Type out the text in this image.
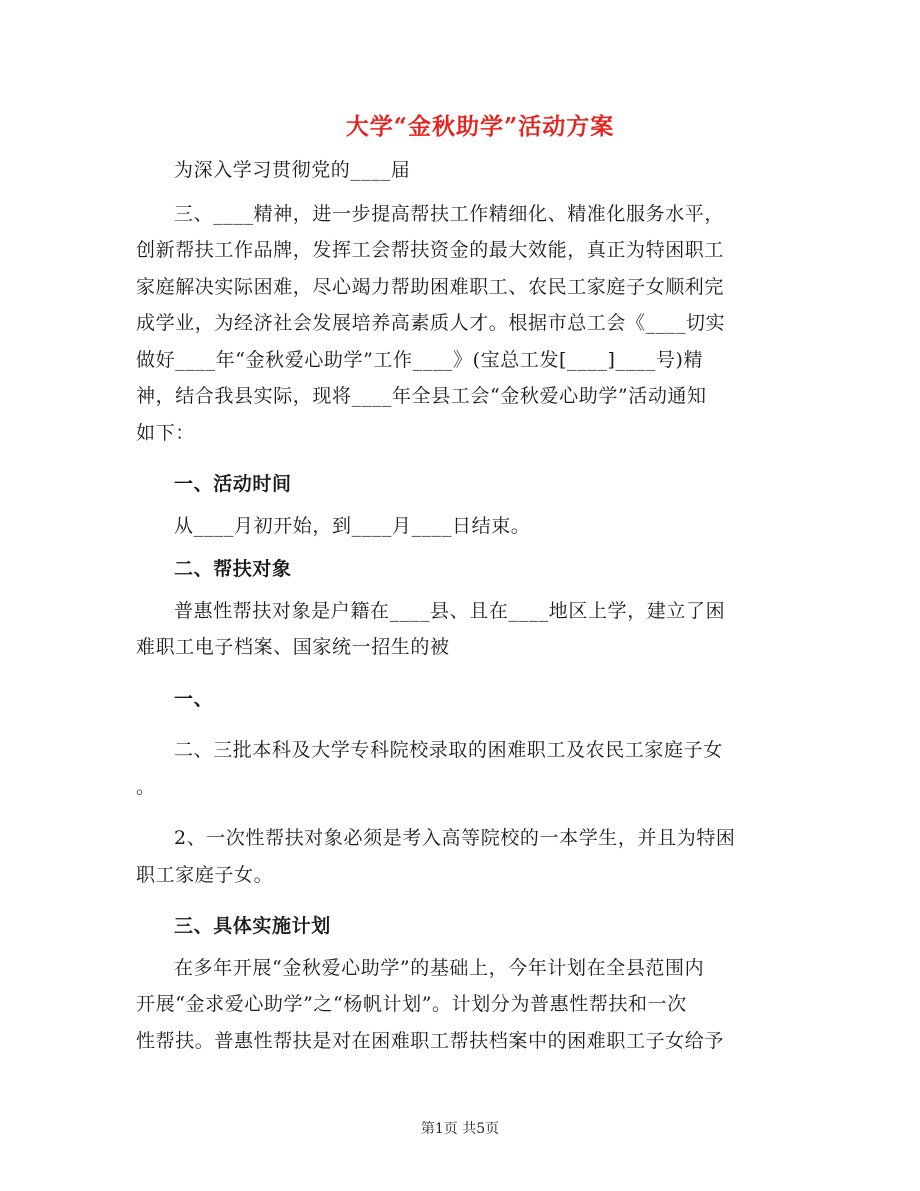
大学“金秋助学”活动方案

为深入学习贯彻党的____届

三、____精神，进一步提高帮扶工作精细化、精准化服务水平，

创新帮扶工作品牌，发挥工会帮扶资金的最大效能，真正为特困职工

家庭解决实际困难，尽心竭力帮助困难职工、农民工家庭子女顺利完

成学业，为经济社会发展培养高素质人才。根据市总工会《____切实

做好____年“金秋爱心助学”工作____》(宝总工发[____]____号)精

神，结合我县实际，现将____年全县工会“金秋爱心助学”活动通知

如下：

一、活动时间

从____月初开始，到____月____日结束。

二、帮扶对象

普惠性帮扶对象是户籍在____县、且在____地区上学，建立了困

难职工电子档案、国家统一招生的被

一、

二、三批本科及大学专科院校录取的困难职工及农民工家庭子女

。

2、一次性帮扶对象必须是考入高等院校的一本学生，并且为特困

职工家庭子女。

三、具体实施计划

在多年开展“金秋爱心助学”的基础上，今年计划在全县范围内

开展“金求爱心助学”之“杨帆计划”。计划分为普惠性帮扶和一次

性帮扶。普惠性帮扶是对在困难职工帮扶档案中的困难职工子女给予

第1页 共5页
